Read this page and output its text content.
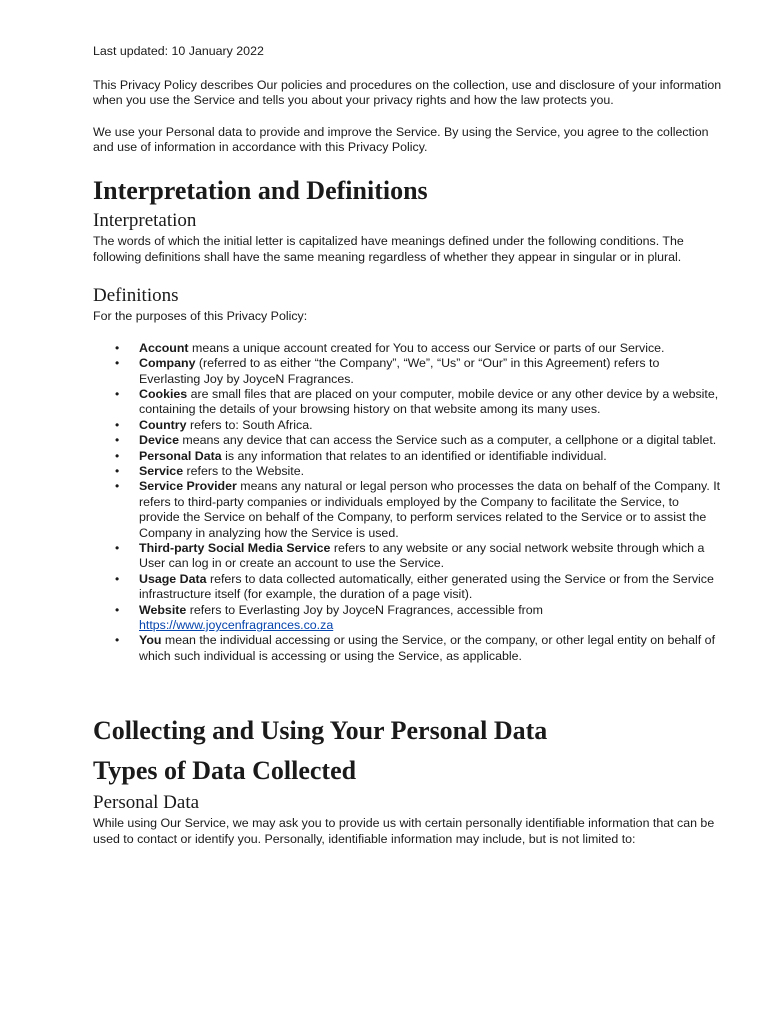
Last updated: 10 January 2022

This Privacy Policy describes Our policies and procedures on the collection, use and disclosure of your information when you use the Service and tells you about your privacy rights and how the law protects you.

We use your Personal data to provide and improve the Service. By using the Service, you agree to the collection and use of information in accordance with this Privacy Policy.

Interpretation and Definitions
Interpretation

The words of which the initial letter is capitalized have meanings defined under the following conditions. The following definitions shall have the same meaning regardless of whether they appear in singular or in plural.

Definitions

For the purposes of this Privacy Policy:

• Account means a unique account created for You to access our Service or parts of our Service.
• Company (referred to as either “the Company”, “We”, “Us” or “Our” in this Agreement) refers to Everlasting Joy by JoyceN Fragrances.
• Cookies are small files that are placed on your computer, mobile device or any other device by a website, containing the details of your browsing history on that website among its many uses.
• Country refers to: South Africa.
• Device means any device that can access the Service such as a computer, a cellphone or a digital tablet.
• Personal Data is any information that relates to an identified or identifiable individual.
• Service refers to the Website.
• Service Provider means any natural or legal person who processes the data on behalf of the Company. It refers to third-party companies or individuals employed by the Company to facilitate the Service, to provide the Service on behalf of the Company, to perform services related to the Service or to assist the Company in analyzing how the Service is used.
• Third-party Social Media Service refers to any website or any social network website through which a User can log in or create an account to use the Service.
• Usage Data refers to data collected automatically, either generated using the Service or from the Service infrastructure itself (for example, the duration of a page visit).
• Website refers to Everlasting Joy by JoyceN Fragrances, accessible from https://www.joycenfragrances.co.za
• You mean the individual accessing or using the Service, or the company, or other legal entity on behalf of which such individual is accessing or using the Service, as applicable.
Collecting and Using Your Personal Data
Types of Data Collected
Personal Data

While using Our Service, we may ask you to provide us with certain personally identifiable information that can be used to contact or identify you. Personally, identifiable information may include, but is not limited to:
